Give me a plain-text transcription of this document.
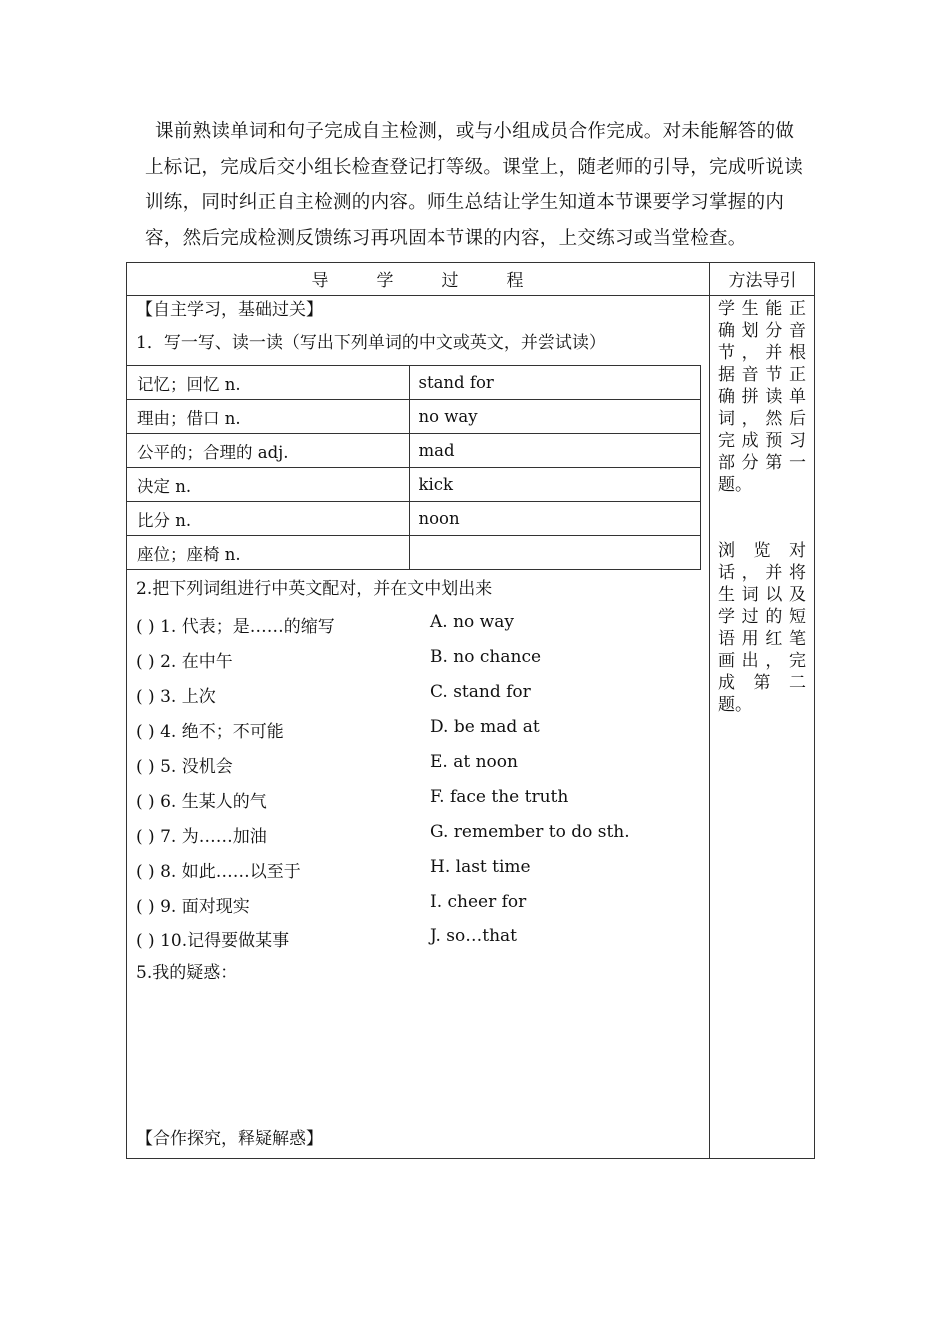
课前熟读单词和句子完成自主检测，或与小组成员合作完成。对未能解答的做上标记，完成后交小组长检查登记打等级。课堂上，随老师的引导，完成听说读训练，同时纠正自主检测的内容。师生总结让学生知道本节课要学习掌握的内容，然后完成检测反馈练习再巩固本节课的内容，上交练习或当堂检查。
导	学	过	程	方法导引
【自主学习，基础过关】
1．写一写、读一读（写出下列单词的中文或英文，并尝试读）
记忆；回忆 n.	stand for
理由；借口 n.	no way
公平的；合理的 adj.	mad
决定 n.	kick
比分 n.	noon
座位；座椅 n.	
2.把下列词组进行中英文配对，并在文中划出来
( ) 1. 代表；是……的缩写	A. no way
( ) 2. 在中午	B. no chance
( ) 3. 上次	C. stand for
( ) 4. 绝不；不可能	D. be mad at
( ) 5. 没机会	E. at noon
( ) 6. 生某人的气	F. face the truth
( ) 7. 为……加油	G. remember to do sth.
( ) 8. 如此……以至于	H. last time
( ) 9. 面对现实	I. cheer for
( ) 10.记得要做某事	J. so…that
5.我的疑惑：
【合作探究，释疑解惑】
学生能正
确划分音
节，并根
据音节正
确拼读单
词，然后
完成预习
部分第一
题。
浏 览 对
话，并将
生词以及
学过的短
语用红笔
画出，完
成 第 二
题。
